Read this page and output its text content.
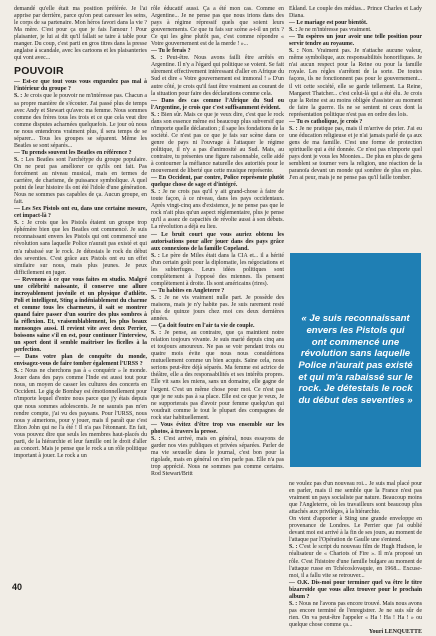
demandé qu'elle était ma position préférée. Je l'ai apprise par derrière, parce qu'on peut caresser les seins, le corps de sa partenaire. Mon héros favori dans la vie ? Ma mère. C'est pour ça que je fais l'amour ! Pour plaisanter, je lui ai dit qu'il fallait se taire à table pour manger. Du coup, c'est parti en gros titres dans la presse anglaise à scandale, avec les cartoons et les plaisanteries qui vont avec...

POUVOIR

— Est-ce que tout vous vous engueulez pas mal à l'intérieur du groupe ?
S. : Je crois que le pouvoir ne m'intéresse pas. Chacun a sa propre manière de s'écouter. J'ai passé plus de temps avec Andy et Stewart qu'avec ma femme. Nous sommes comme des frères tous les trois et ce que cela veut dire comme disputes acharnées quelquefois. Le jour où nous ne nous entendrons vraiment plus, il sera temps de se séparer... Tous les groupes se séparent. Même les Beatles se sont séparés...

— Tu prends souvent les Beatles en référence ?
S. : Les Beatles sont l'archétype du groupe populaire. On ne peut pas améliorer ce qu'ils ont fait. Pas forcément au niveau musical, mais en termes de carrière, de charisme, de puissance symbolique. A quel point de leur histoire ils ont été l'idole d'une génération. Nous ne sommes pas capables de ça. Aucun groupe, en fait.

— Les Sex Pistols ont eu, dans une certaine mesure, cet impact-là ?
S. : Je crois que les Pistols étaient un groupe trop éphémère bien que les Beatles ont commencé. Je suis reconnaissant envers les Pistols qui ont commencé une révolution sans laquelle Police n'aurait pas existé et qui m'a rabaissé sur le rock. Je détestais le rock du début des seventies. C'est grâce aux Pistols ont eu un effet similaire sur nous, mais plus jeunes. Je peux difficilement en juger.

— Revenons à ce que vous faites en studio. Malgré une célébrité naissante, il conserve une allure incroyablement juvénile et un physique d'athlète. Poli et intelligent, Sting a indéniablement du charme et comme tous les charmeurs, il sait se montrer quand faire passer d'un sourire des plus sombres à la réflexion. Et, vraisemblablement, les plus beaux mensonges aussi. Il revient vite avec deux Perrier, boissons saine s'il en est, pour continuer l'interview, un sport dont il semble maîtriser les ficelles à la perfection.

— Dans votre plan de conquête du monde, envisagez-vous de faire tomber également l'URSS ?
S. : Nous ne cherchons pas à « conquérir » le monde. Jouer dans des pays comme l'Inde est aussi tout pour nous, un moyen de casser les cultures des concerts en Occident. Le gig de Bombay est émotionnellement pour n'importe lequel d'entre nous parce que j'y étais depuis que nous sommes adolescents. Je ne saurais pas m'en rendre compte, j'ai vu des paysans. Pour l'URSS, nous nous y aimerions, pour y jouer, mais il paraît que c'est Elton John qui ne l'a été ! Il n'a pas l'étonnant. En fait, vous pouvez dire que seuls les membres haut-placés du parti, de la hiérarchie et leur famille ont le droit d'aller au concert. Mais je pense que le rock a un rôle politique important à jouer. Le rock a un

rôle éducatif aussi. Ça a été mon cas. Comme en Argentine... Je ne pense pas que nous irions dans des pays à régime répressif quels que soient leurs gouvernements. Ce que tu fais sur scène a-t-il un prix ? Ce qui les gêne plutôt pas, c'est comme répondre « Votre gouvernement est de la merde ! »...

— Tu le ferais ?
S. : Peut-être. Nous avons failli être arrêtés en Argentine. Il n'y a l'égard qui politique se voient. Se fait sûrement effectivement intéressant d'aller en Afrique du Sud et dire « Votre gouvernement est immoral ! » D'un autre côté, je crois qu'il faut être vraiment au courant de la situation pour faire des déclarations comme cela.

— Dans des cas comme l'Afrique du Sud ou l'Argentine, je crois que c'est suffisamment évident.
S. : Bien sûr. Mais ce que je veux dire, c'est que le rock dans son essence même est beaucoup plus subversif que n'importe quelle déclaration ; il sape les fondations de la société. Ce n'est pas ce que je fais sur scène dans ce genre de pays ni l'ouvrage à l'attaquer le régime politique, il n'y a pas d'animosité au Sud. Mais, au contraire, tu présentes une figure raisonnable, celle aidé à contourner la méfiance naturelle des autorités pour le mouvement de liberté que cette musique représente.

— En Occident, par contre, Police représente plutôt quelque chose de sage et d'intégré.
S. : Je ne crois pas qu'il y ait grand-chose à faire de toute façon, à ce niveau, dans les pays occidentaux. Après vingt-cinq ans d'existence, je ne pense pas que le rock n'ait plus qu'un aspect réglementaire, plus je pense qu'il a assez de capacités de révolte aussi à son débuts. La révolution a déjà eu lieu.

— Le bruit court que vous auriez obtenu les autorisations pour aller jouer dans des pays grâce aux connexions de la famille Copeland.
S. : Le père de Miles était dans la CIA et... il a hérité d'un certain goût pour la diplomatie, les négociations et les subterfuges. Leurs idées politiques sont complètement à l'opposé des miennes. Ils pensent complètement à droite. Ils sont américains (rires).

— Tu habites en Angleterre ?
S. : Je ne vis vraiment nulle part. Je possède des maisons, mais je n'y habite pas. Je suis rarement resté plus de quinze jours chez moi ces deux dernières années.

— Ça doit foutre en l'air ta vie de couple.
S. : Je pense, au contraire, que ça maintient notre relation toujours vivante. Je suis marié depuis cinq ans et toujours amoureux. Ne pas se voir pendant trois ou quatre mois évite que nous nous considérions mutuellement comme un bien acquis. Saine cela, nous serions peut-être déjà séparés. Ma femme est actrice de théâtre, elle a des responsabilités et ses intérêts propres. Elle vit sans les miens, sans un domaine, elle gagne de l'argent. C'est un même chose pour moi. Ce n'est pas que je ne suis pas à sa place. Elle est ce que je veux, Je ne supporterais pas d'avoir pour femme quelqu'un qui voudrait comme le tout le plupart des compagnes de rock star habituellement.

— Vous évitez d'être trop vus ensemble sur les photos, à travers la presse.
S. : C'est arrivé, mais en général, nous essayons de garder nos vies publiques et privées séparées. Parler de ma vie sexuelle dans le journal, c'est bon pour la rigolade, mais en général on n'en parle pas. Elle n'a pas trop apprécié. Nous ne sommes pas comme certains. Rod Stewart/Britt

Ekland. Le couple des médias... Prince Charles et Lady Diana.

— Le mariage est pour bientôt.
S. : Je ne m'intéresse pas vraiment.

— Tu espères un jour avoir une telle position pour servir tendre au royaume.
S. : Non. Vraiment pas. Je n'attache aucune valeur, même symbolique, aux responsabilités honorifiques. Je n'ai aucun respect pour la Reine ou pour la famille royale. Les règles s'arrêtent de la sorte. De toutes façons, ils ne fonctionnent pas pour le gouvernement... il vit cette société, elle se garde tellement. La Reine, Margaret Thatcher... c'est celui-là qui a été élu. Je crois que la Reine est au moins obligée d'assister au moment de faire la guerre. Ils ne se sentent ni ceux dont la représentation politique n'est pas en ordre des lois.

— Tu es catholique, je crois ?
S. : Je ne pratique pas, mais il m'arrive de prier. J'ai eu une éducation religieuse et je n'ai jamais parlé de ça aux gens de ma famille. C'est une forme de protection spirituelle qui a été donnée. Ce n'est pas n'importe quel pays dont je vous les Moonies... De plus en plus de gens semblent se tourner vers la religion, une réaction de la paranoïa devant un monde qui sombre de plus en plus. J'en ai peur, mais je ne pense pas qu'il faille tomber.

« Je suis reconnaissant envers les Pistols qui ont commencé une révolution sans laquelle Police n'aurait pas existé et qui m'a rabaissé sur le rock. Je détestais le rock du début des seventies »

ne voulez pas d'un nouveau roi... Je suis mal placé pour en parler, mais il me semble que la France n'est pas vraiment un pays socialiste par nature. Beaucoup moins que l'Angleterre, où les travailleurs sont beaucoup plus attachés aux privilèges, à la hiérarchie.

On vient d'apporter à Sting une grande enveloppe en provenance de Londres. Le Perrier que j'ai oublié devant moi est arrivé à la fin de ses jours, au moment de l'attaque par l'Opération de Gaulle une s'entend.

S. : C'est le script du nouveau film de Hugh Hudson, le réalisateur de « Chariots of Fire ». Il m'a proposé un rôle. C'est l'histoire d'une famille bulgare au moment de l'attaque russe en Tchécoslovaquie, en 1968... Excuse-moi, il a fallu vite se retrouver...

— O.K. Dis-moi pour terminer quel va être le titre bizarroïde que vous allez trouver pour le prochain album ?
S. : Nous ne l'avons pas encore trouvé. Mais nous avons pas encore terminé de l'enregistrer. Je ne suis sûr de rien. On va peut-être l'appeler « Ha ! Ha ! Ha ! » ou quelque chose comme ça...

Youri LENQUETTE

40
